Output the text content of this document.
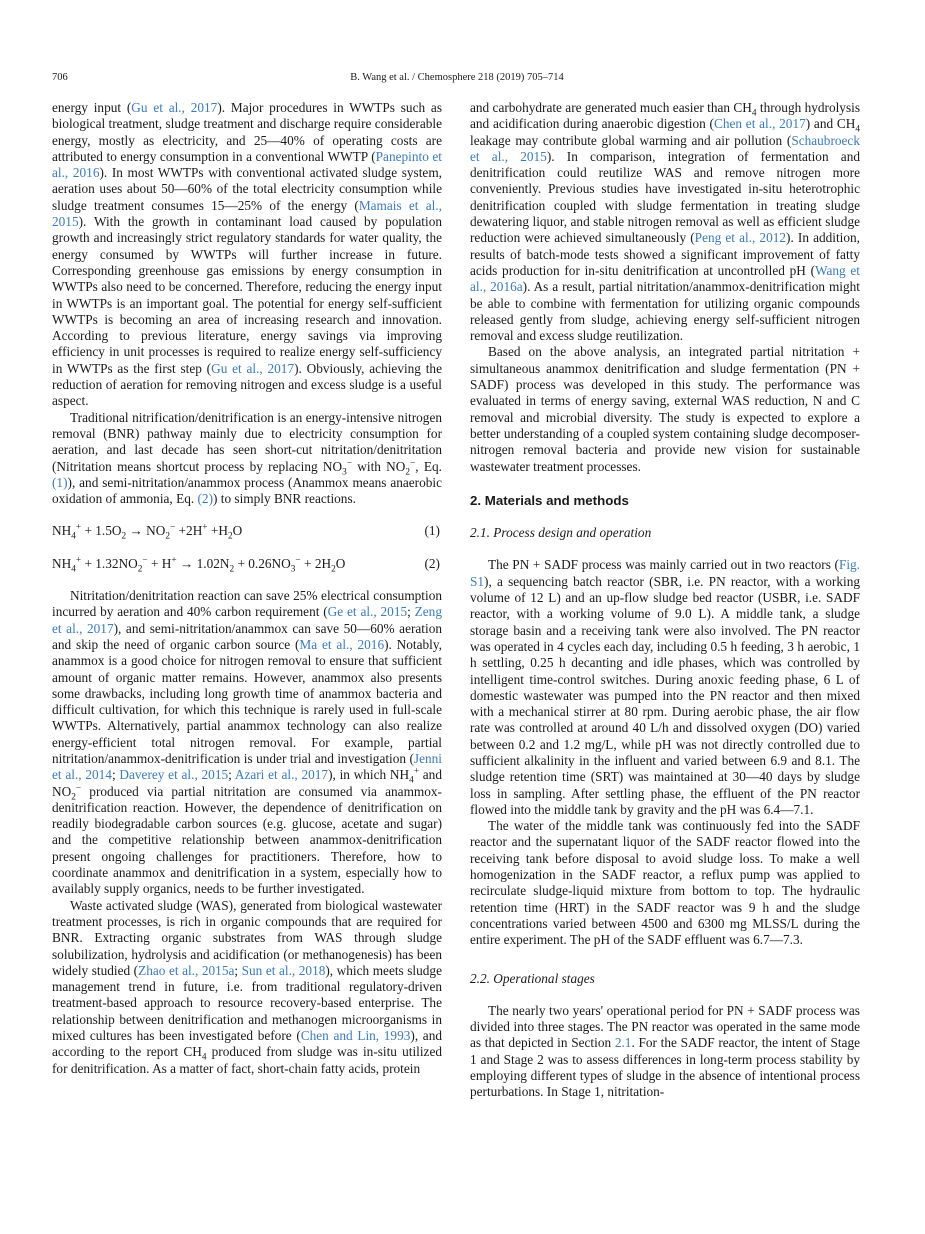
706	B. Wang et al. / Chemosphere 218 (2019) 705–714

energy input (Gu et al., 2017). Major procedures in WWTPs such as biological treatment, sludge treatment and discharge require considerable energy, mostly as electricity, and 25—40% of operating costs are attributed to energy consumption in a conventional WWTP (Panepinto et al., 2016). In most WWTPs with conventional activated sludge system, aeration uses about 50—60% of the total electricity consumption while sludge treatment consumes 15—25% of the energy (Mamais et al., 2015). With the growth in contaminant load caused by population growth and increasingly strict regulatory standards for water quality, the energy consumed by WWTPs will further increase in future. Corresponding greenhouse gas emissions by energy consumption in WWTPs also need to be concerned. Therefore, reducing the energy input in WWTPs is an important goal. The potential for energy self-sufficient WWTPs is becoming an area of increasing research and innovation. According to previous literature, energy savings via improving efficiency in unit processes is required to realize energy self-sufficiency in WWTPs as the first step (Gu et al., 2017). Obviously, achieving the reduction of aeration for removing nitrogen and excess sludge is a useful aspect.

Traditional nitrification/denitrification is an energy-intensive nitrogen removal (BNR) pathway mainly due to electricity consumption for aeration, and last decade has seen short-cut nitritation/denitritation (Nitritation means shortcut process by replacing $NO_3^-$ with $NO_2^-$, Eq. (1)), and semi-nitritation/anammox process (Anammox means anaerobic oxidation of ammonia, Eq. (2)) to simply BNR reactions.

$NH_4^+ + 1.5O_2 \to NO_2^- +2H^+ +H_2O$	(1)
$NH_4^+ + 1.32NO_2^- + H^+ \to 1.02N_2 + 0.26NO_3^- + 2H_2O$	(2)

Nitritation/denitritation reaction can save 25% electrical consumption incurred by aeration and 40% carbon requirement (Ge et al., 2015; Zeng et al., 2017), and semi-nitritation/anammox can save 50—60% aeration and skip the need of organic carbon source (Ma et al., 2016). Notably, anammox is a good choice for nitrogen removal to ensure that sufficient amount of organic matter remains. However, anammox also presents some drawbacks, including long growth time of anammox bacteria and difficult cultivation, for which this technique is rarely used in full-scale WWTPs. Alternatively, partial anammox technology can also realize energy-efficient total nitrogen removal. For example, partial nitritation/anammox-denitrification is under trial and investigation (Jenni et al., 2014; Daverey et al., 2015; Azari et al., 2017), in which $NH_4^+$ and $NO_2^-$ produced via partial nitritation are consumed via anammox-denitrification reaction. However, the dependence of denitrification on readily biodegradable carbon sources (e.g. glucose, acetate and sugar) and the competitive relationship between anammox-denitrification present ongoing challenges for practitioners. Therefore, how to coordinate anammox and denitrification in a system, especially how to availably supply organics, needs to be further investigated.

Waste activated sludge (WAS), generated from biological wastewater treatment processes, is rich in organic compounds that are required for BNR. Extracting organic substrates from WAS through sludge solubilization, hydrolysis and acidification (or methanogenesis) has been widely studied (Zhao et al., 2015a; Sun et al., 2018), which meets sludge management trend in future, i.e. from traditional regulatory-driven treatment-based approach to resource recovery-based enterprise. The relationship between denitrification and methanogen microorganisms in mixed cultures has been investigated before (Chen and Lin, 1993), and according to the report $CH_4$ produced from sludge was in-situ utilized for denitrification. As a matter of fact, short-chain fatty acids, protein

and carbohydrate are generated much easier than $CH_4$ through hydrolysis and acidification during anaerobic digestion (Chen et al., 2017) and $CH_4$ leakage may contribute global warming and air pollution (Schaubroeck et al., 2015). In comparison, integration of fermentation and denitrification could reutilize WAS and remove nitrogen more conveniently. Previous studies have investigated in-situ heterotrophic denitrification coupled with sludge fermentation in treating sludge dewatering liquor, and stable nitrogen removal as well as efficient sludge reduction were achieved simultaneously (Peng et al., 2012). In addition, results of batch-mode tests showed a significant improvement of fatty acids production for in-situ denitrification at uncontrolled pH (Wang et al., 2016a). As a result, partial nitritation/anammox-denitrification might be able to combine with fermentation for utilizing organic compounds released gently from sludge, achieving energy self-sufficient nitrogen removal and excess sludge reutilization.

Based on the above analysis, an integrated partial nitritation + simultaneous anammox denitrification and sludge fermentation (PN + SADF) process was developed in this study. The performance was evaluated in terms of energy saving, external WAS reduction, N and C removal and microbial diversity. The study is expected to explore a better understanding of a coupled system containing sludge decomposer-nitrogen removal bacteria and provide new vision for sustainable wastewater treatment processes.

2. Materials and methods
2.1. Process design and operation

The PN + SADF process was mainly carried out in two reactors (Fig. S1), a sequencing batch reactor (SBR, i.e. PN reactor, with a working volume of 12 L) and an up-flow sludge bed reactor (USBR, i.e. SADF reactor, with a working volume of 9.0 L). A middle tank, a sludge storage basin and a receiving tank were also involved. The PN reactor was operated in 4 cycles each day, including 0.5 h feeding, 3 h aerobic, 1 h settling, 0.25 h decanting and idle phases, which was controlled by intelligent time-control switches. During anoxic feeding phase, 6 L of domestic wastewater was pumped into the PN reactor and then mixed with a mechanical stirrer at 80 rpm. During aerobic phase, the air flow rate was controlled at around 40 L/h and dissolved oxygen (DO) varied between 0.2 and 1.2 mg/L, while pH was not directly controlled due to sufficient alkalinity in the influent and varied between 6.9 and 8.1. The sludge retention time (SRT) was maintained at 30—40 days by sludge loss in sampling. After settling phase, the effluent of the PN reactor flowed into the middle tank by gravity and the pH was 6.4—7.1.

The water of the middle tank was continuously fed into the SADF reactor and the supernatant liquor of the SADF reactor flowed into the receiving tank before disposal to avoid sludge loss. To make a well homogenization in the SADF reactor, a reflux pump was applied to recirculate sludge-liquid mixture from bottom to top. The hydraulic retention time (HRT) in the SADF reactor was 9 h and the sludge concentrations varied between 4500 and 6300 mg MLSS/L during the entire experiment. The pH of the SADF effluent was 6.7—7.3.

2.2. Operational stages

The nearly two years' operational period for PN + SADF process was divided into three stages. The PN reactor was operated in the same mode as that depicted in Section 2.1. For the SADF reactor, the intent of Stage 1 and Stage 2 was to assess differences in long-term process stability by employing different types of sludge in the absence of intentional process perturbations. In Stage 1, nitritation-
